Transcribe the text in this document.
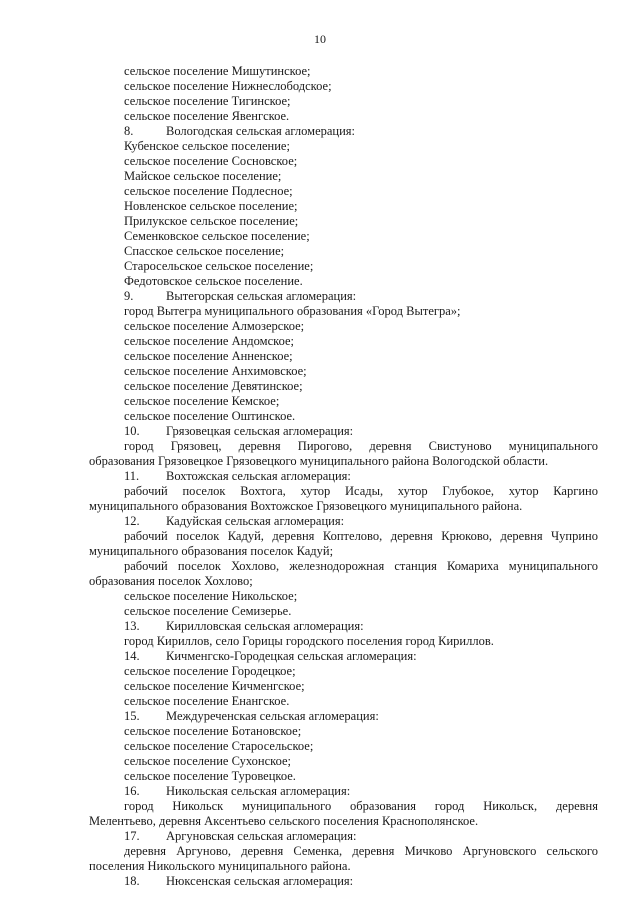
10
сельское поселение Мишутинское;
сельское поселение Нижнеслободское;
сельское поселение Тигинское;
сельское поселение Явенгское.
8.	Вологодская сельская агломерация:
Кубенское сельское поселение;
сельское поселение Сосновское;
Майское сельское поселение;
сельское поселение Подлесное;
Новленское сельское поселение;
Прилукское сельское поселение;
Семенковское сельское поселение;
Спасское сельское поселение;
Старосельское сельское поселение;
Федотовское сельское поселение.
9.	Вытегорская сельская агломерация:
город Вытегра муниципального образования «Город Вытегра»;
сельское поселение Алмозерское;
сельское поселение Андомское;
сельское поселение Анненское;
сельское поселение Анхимовское;
сельское поселение Девятинское;
сельское поселение Кемское;
сельское поселение Оштинское.
10. Грязовецкая сельская агломерация:
город Грязовец, деревня Пирогово, деревня Свистуново муниципального
образования Грязовецкое Грязовецкого муниципального района Вологодской области.
11. Вохтожская сельская агломерация:
рабочий поселок Вохтога, хутор Исады, хутор Глубокое, хутор Каргино
муниципального образования Вохтожское Грязовецкого муниципального района.
12. Кадуйская сельская агломерация:
рабочий поселок Кадуй, деревня Коптелово, деревня Крюково, деревня Чуприно
муниципального образования поселок Кадуй;
рабочий поселок Хохлово, железнодорожная станция Комариха муниципального
образования поселок Хохлово;
сельское поселение Никольское;
сельское поселение Семизерье.
13. Кирилловская сельская агломерация:
город Кириллов, село Горицы городского поселения город Кириллов.
14. Кичменгско-Городецкая сельская агломерация:
сельское поселение Городецкое;
сельское поселение Кичменгское;
сельское поселение Енангское.
15. Междуреченская сельская агломерация:
сельское поселение Ботановское;
сельское поселение Старосельское;
сельское поселение Сухонское;
сельское поселение Туровецкое.
16. Никольская сельская агломерация:
город Никольск муниципального образования город Никольск, деревня
Мелентьево, деревня Аксентьево сельского поселения Краснополянское.
17. Аргуновская сельская агломерация:
деревня Аргуново, деревня Семенка, деревня Мичково Аргуновского сельского
поселения Никольского муниципального района.
18. Нюксенская сельская агломерация:
